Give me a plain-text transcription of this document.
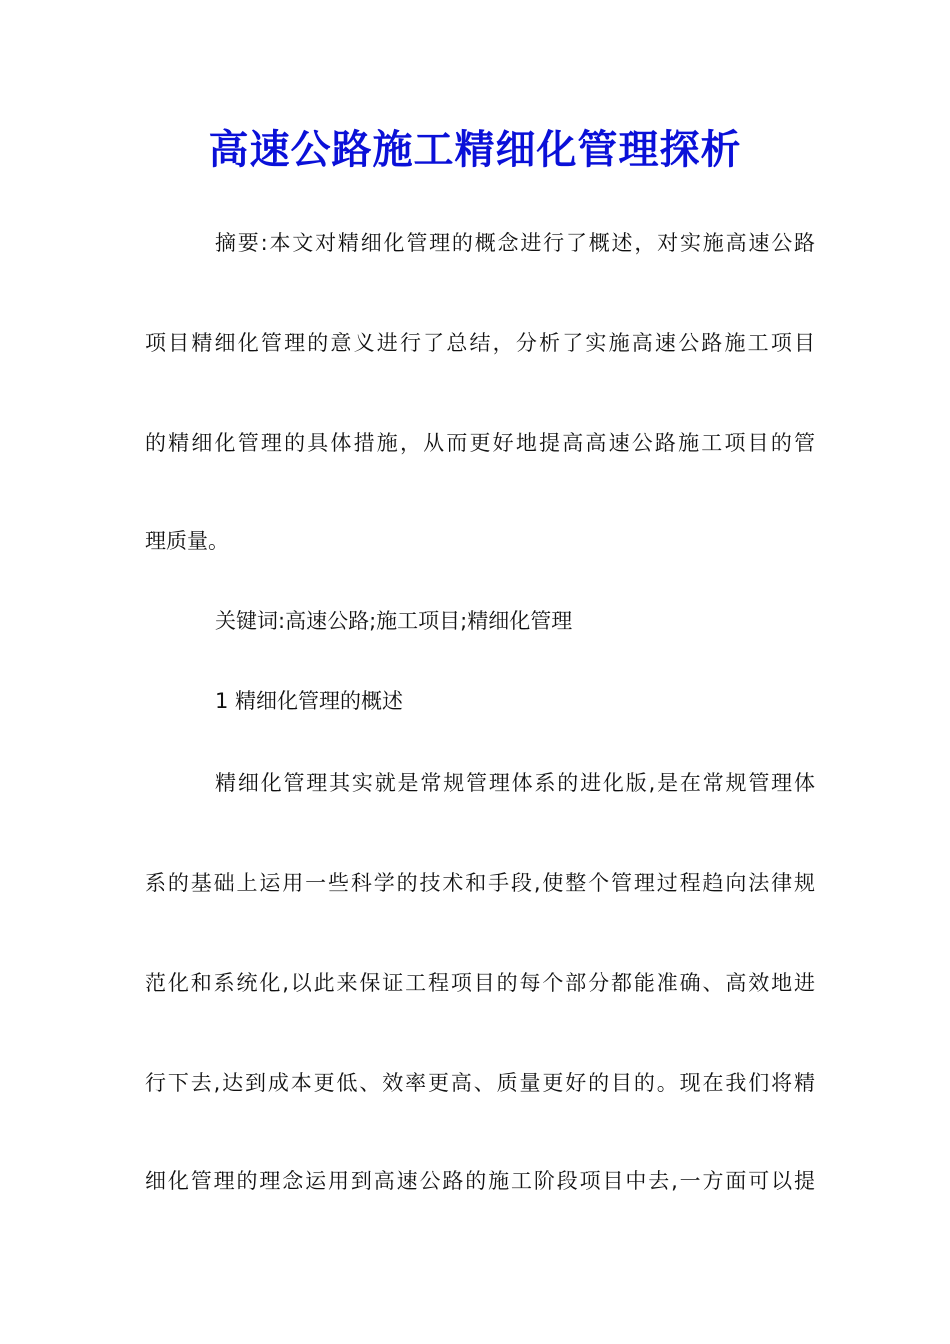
高速公路施工精细化管理探析
摘要:本文对精细化管理的概念进行了概述，对实施高速公路
项目精细化管理的意义进行了总结，分析了实施高速公路施工项目
的精细化管理的具体措施，从而更好地提高高速公路施工项目的管
理质量。
关键词:高速公路;施工项目;精细化管理
1 精细化管理的概述
精细化管理其实就是常规管理体系的进化版,是在常规管理体
系的基础上运用一些科学的技术和手段,使整个管理过程趋向法律规
范化和系统化,以此来保证工程项目的每个部分都能准确、高效地进
行下去,达到成本更低、效率更高、质量更好的目的。现在我们将精
细化管理的理念运用到高速公路的施工阶段项目中去,一方面可以提
